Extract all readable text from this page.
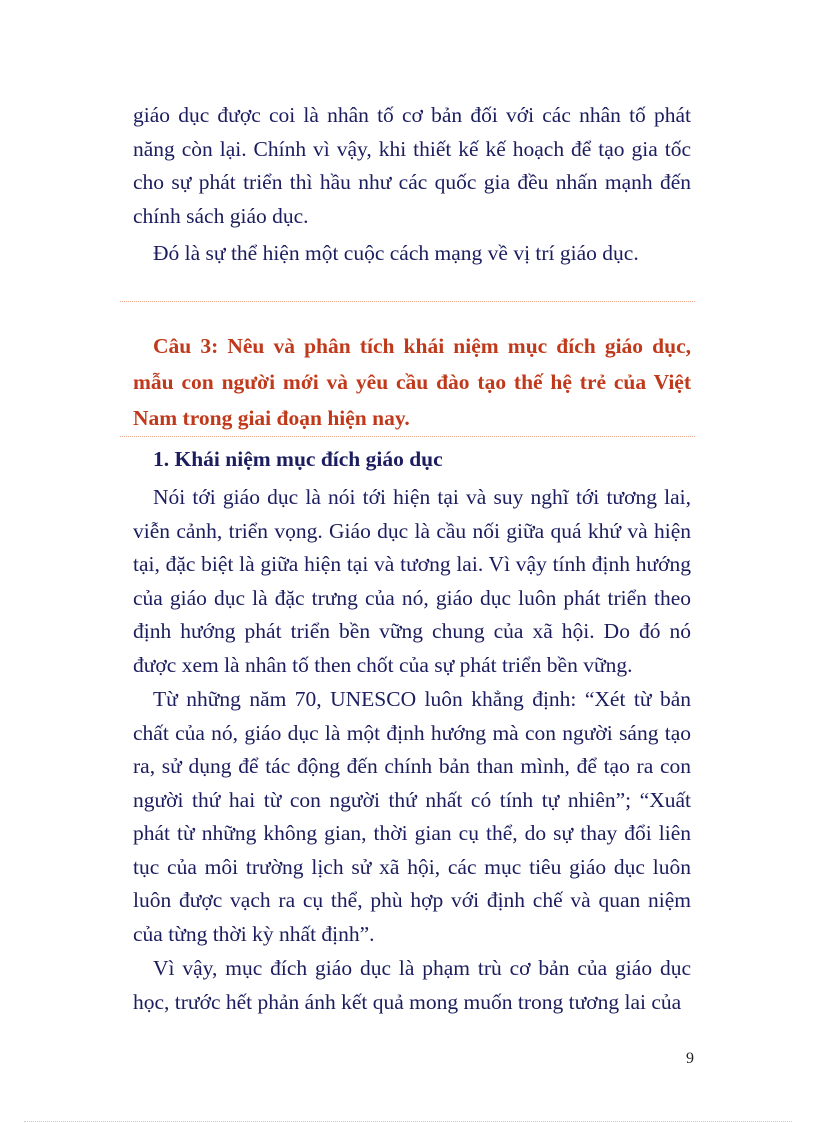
giáo dục được coi là nhân tố cơ bản đối với các nhân tố phát năng còn lại. Chính vì vậy, khi thiết kế kế hoạch để tạo gia tốc cho sự phát triển thì hầu như các quốc gia đều nhấn mạnh đến chính sách giáo dục.

Đó là sự thể hiện một cuộc cách mạng về vị trí giáo dục.

Câu 3: Nêu và phân tích khái niệm mục đích giáo dục, mẫu con người mới và yêu cầu đào tạo thế hệ trẻ của Việt Nam trong giai đoạn hiện nay.

1. Khái niệm mục đích giáo dục

Nói tới giáo dục là nói tới hiện tại và suy nghĩ tới tương lai, viễn cảnh, triển vọng. Giáo dục là cầu nối giữa quá khứ và hiện tại, đặc biệt là giữa hiện tại và tương lai. Vì vậy tính định hướng của giáo dục là đặc trưng của nó, giáo dục luôn phát triển theo định hướng phát triển bền vững chung của xã hội. Do đó nó được xem là nhân tố then chốt của sự phát triển bền vững.

Từ những năm 70, UNESCO luôn khẳng định: “Xét từ bản chất của nó, giáo dục là một định hướng mà con người sáng tạo ra, sử dụng để tác động đến chính bản than mình, để tạo ra con người thứ hai từ con người thứ nhất có tính tự nhiên”; “Xuất phát từ những không gian, thời gian cụ thể, do sự thay đổi liên tục của môi trường lịch sử xã hội, các mục tiêu giáo dục luôn luôn được vạch ra cụ thể, phù hợp với định chế và quan niệm của từng thời kỳ nhất định”.

Vì vậy, mục đích giáo dục là phạm trù cơ bản của giáo dục học, trước hết phản ánh kết quả mong muốn trong tương lai của

9
